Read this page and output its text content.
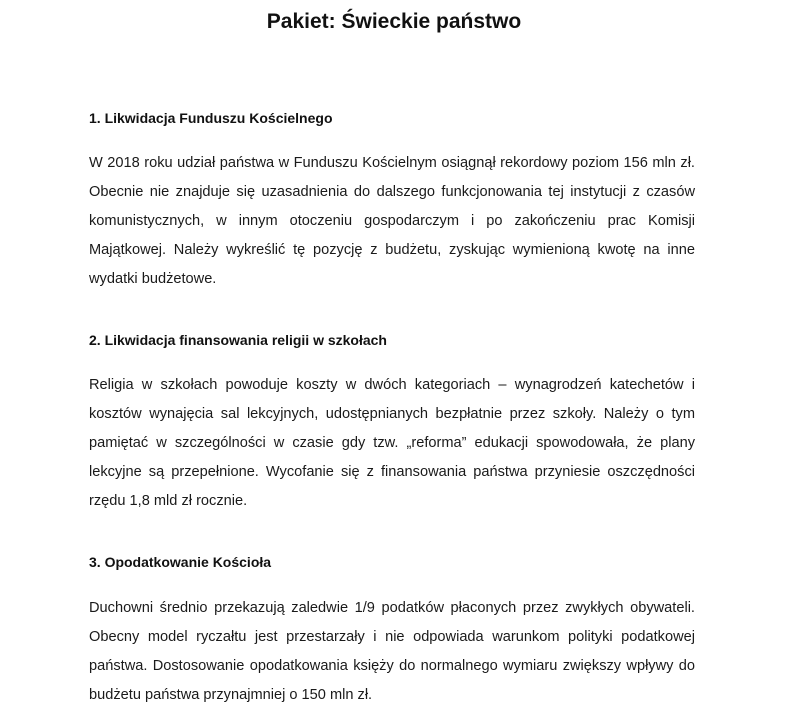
Pakiet: Świeckie państwo
1. Likwidacja Funduszu Kościelnego

W 2018 roku udział państwa w Funduszu Kościelnym osiągnął rekordowy poziom 156 mln zł. Obecnie nie znajduje się uzasadnienia do dalszego funkcjonowania tej instytucji z czasów komunistycznych, w innym otoczeniu gospodarczym i po zakończeniu prac Komisji Majątkowej. Należy wykreślić tę pozycję z budżetu, zyskując wymienioną kwotę na inne wydatki budżetowe.

2. Likwidacja finansowania religii w szkołach

Religia w szkołach powoduje koszty w dwóch kategoriach – wynagrodzeń katechetów i kosztów wynajęcia sal lekcyjnych, udostępnianych bezpłatnie przez szkoły. Należy o tym pamiętać w szczególności w czasie gdy tzw. „reforma” edukacji spowodowała, że plany lekcyjne są przepełnione. Wycofanie się z finansowania państwa przyniesie oszczędności rzędu 1,8 mld zł rocznie.

3. Opodatkowanie Kościoła

Duchowni średnio przekazują zaledwie 1/9 podatków płaconych przez zwykłych obywateli. Obecny model ryczałtu jest przestarzały i nie odpowiada warunkom polityki podatkowej państwa. Dostosowanie opodatkowania księży do normalnego wymiaru zwiększy wpływy do budżetu państwa przynajmniej o 150 mln zł.
